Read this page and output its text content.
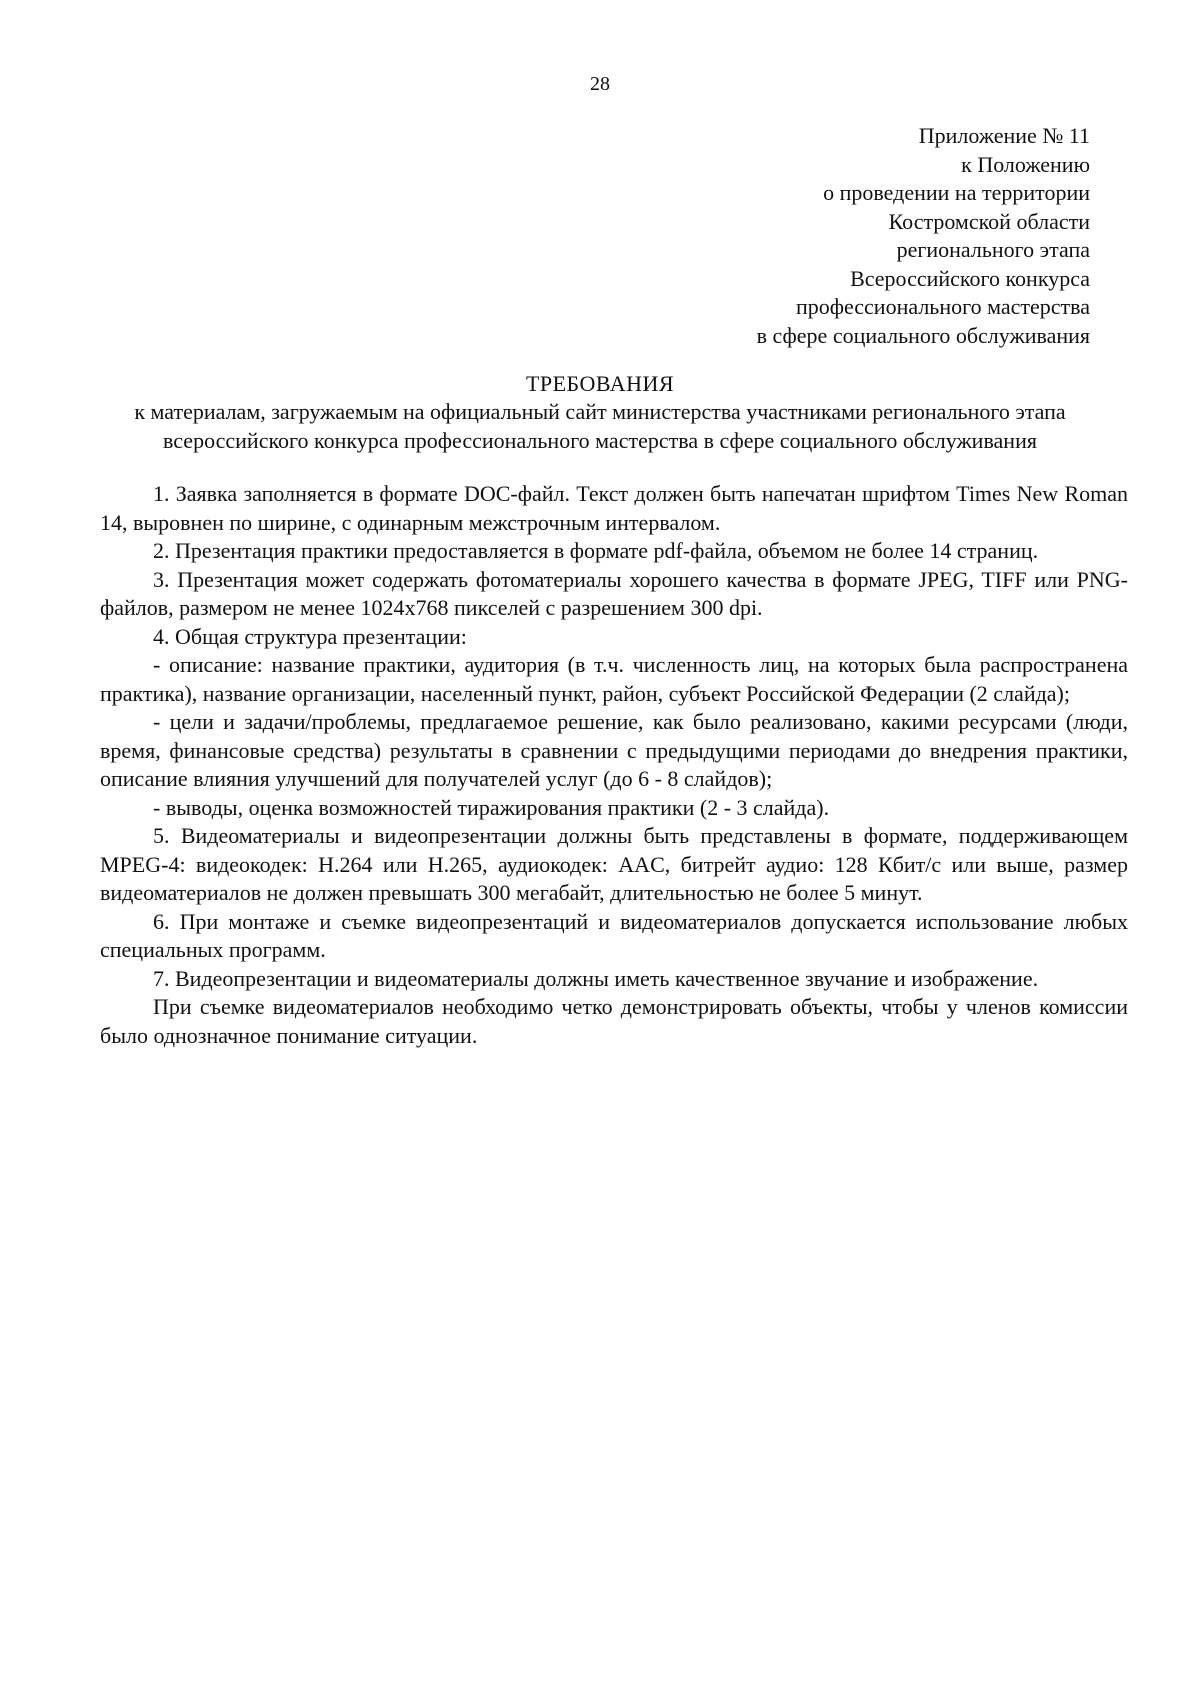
28
Приложение № 11
к Положению
о проведении на территории
Костромской области
регионального этапа
Всероссийского конкурса
профессионального мастерства
в сфере социального обслуживания
ТРЕБОВАНИЯ
к материалам, загружаемым на официальный сайт министерства участниками регионального этапа
всероссийского конкурса профессионального мастерства в сфере социального обслуживания

1. Заявка заполняется в формате DOC-файл. Текст должен быть напечатан шрифтом Times New Roman 14, выровнен по ширине, с одинарным межстрочным интервалом.

2. Презентация практики предоставляется в формате pdf-файла, объемом не более 14 страниц.

3. Презентация может содержать фотоматериалы хорошего качества в формате JPEG, TIFF или PNG-файлов, размером не менее 1024х768 пикселей с разрешением 300 dpi.

4. Общая структура презентации:

- описание: название практики, аудитория (в т.ч. численность лиц, на которых была распространена практика), название организации, населенный пункт, район, субъект Российской Федерации (2 слайда);

- цели и задачи/проблемы, предлагаемое решение, как было реализовано, какими ресурсами (люди, время, финансовые средства) результаты в сравнении с предыдущими периодами до внедрения практики, описание влияния улучшений для получателей услуг (до 6 - 8 слайдов);

- выводы, оценка возможностей тиражирования практики (2 - 3 слайда).

5. Видеоматериалы и видеопрезентации должны быть представлены в формате, поддерживающем MPEG-4: видеокодек: H.264 или H.265, аудиокодек: AAC, битрейт аудио: 128 Кбит/с или выше, размер видеоматериалов не должен превышать 300 мегабайт, длительностью не более 5 минут.

6. При монтаже и съемке видеопрезентаций и видеоматериалов допускается использование любых специальных программ.

7. Видеопрезентации и видеоматериалы должны иметь качественное звучание и изображение.

При съемке видеоматериалов необходимо четко демонстрировать объекты, чтобы у членов комиссии было однозначное понимание ситуации.
